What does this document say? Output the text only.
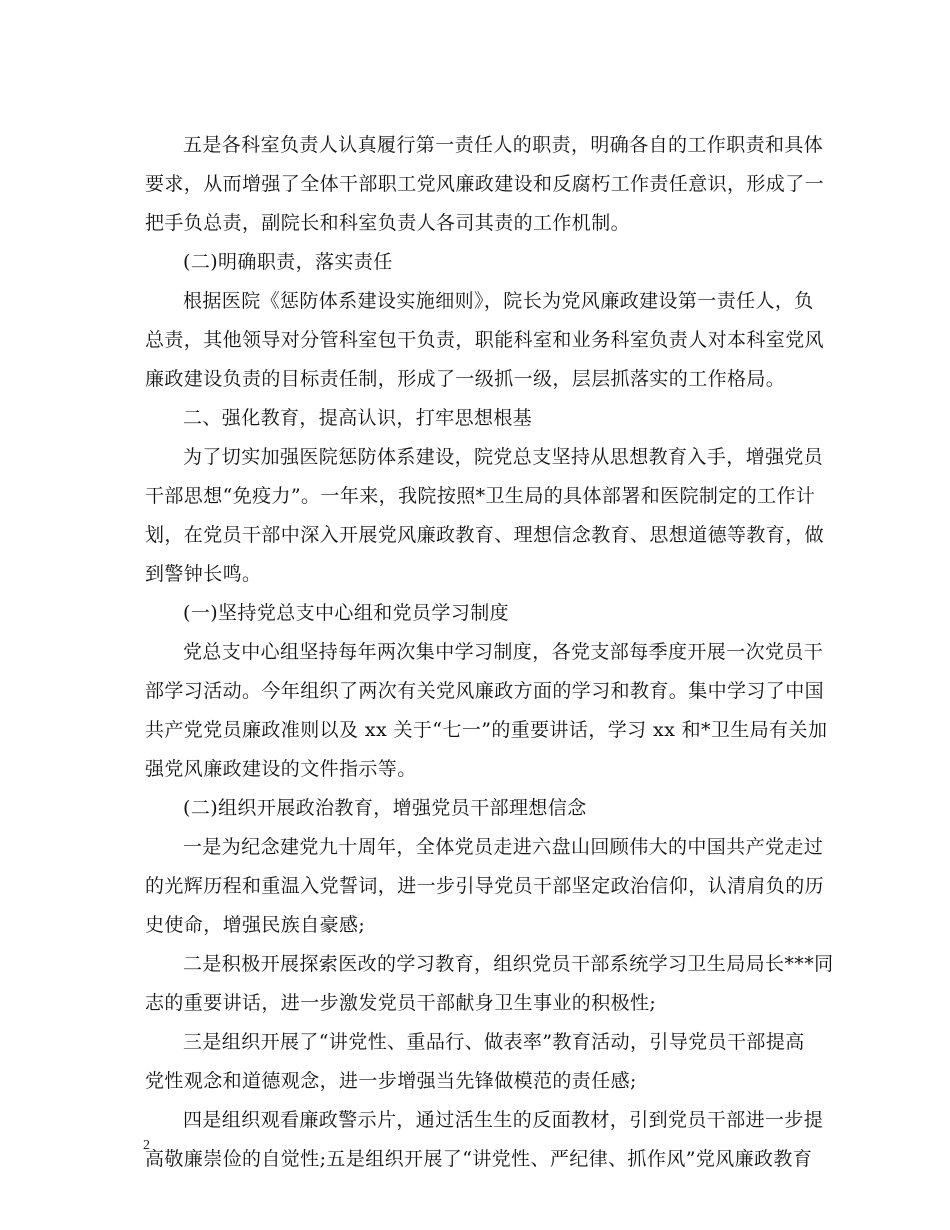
五是各科室负责人认真履行第一责任人的职责，明确各自的工作职责和具体
要求，从而增强了全体干部职工党风廉政建设和反腐朽工作责任意识，形成了一
把手负总责，副院长和科室负责人各司其责的工作机制。

(二)明确职责，落实责任

根据医院《惩防体系建设实施细则》，院长为党风廉政建设第一责任人，负
总责，其他领导对分管科室包干负责，职能科室和业务科室负责人对本科室党风
廉政建设负责的目标责任制，形成了一级抓一级，层层抓落实的工作格局。

二、强化教育，提高认识，打牢思想根基

为了切实加强医院惩防体系建设，院党总支坚持从思想教育入手，增强党员
干部思想“免疫力”。一年来，我院按照*卫生局的具体部署和医院制定的工作计
划，在党员干部中深入开展党风廉政教育、理想信念教育、思想道德等教育，做
到警钟长鸣。

(一)坚持党总支中心组和党员学习制度

党总支中心组坚持每年两次集中学习制度，各党支部每季度开展一次党员干
部学习活动。今年组织了两次有关党风廉政方面的学习和教育。集中学习了中国
共产党党员廉政准则以及 xx 关于“七一”的重要讲话，学习 xx 和*卫生局有关加
强党风廉政建设的文件指示等。

(二)组织开展政治教育，增强党员干部理想信念

一是为纪念建党九十周年，全体党员走进六盘山回顾伟大的中国共产党走过
的光辉历程和重温入党誓词，进一步引导党员干部坚定政治信仰，认清肩负的历
史使命，增强民族自豪感;

二是积极开展探索医改的学习教育，组织党员干部系统学习卫生局局长***同
志的重要讲话，进一步激发党员干部献身卫生事业的积极性;

三是组织开展了“讲党性、重品行、做表率”教育活动，引导党员干部提高
党性观念和道德观念，进一步增强当先锋做模范的责任感;

四是组织观看廉政警示片，通过活生生的反面教材，引到党员干部进一步提
高敬廉崇俭的自觉性;五是组织开展了“讲党性、严纪律、抓作风”党风廉政教育

2
